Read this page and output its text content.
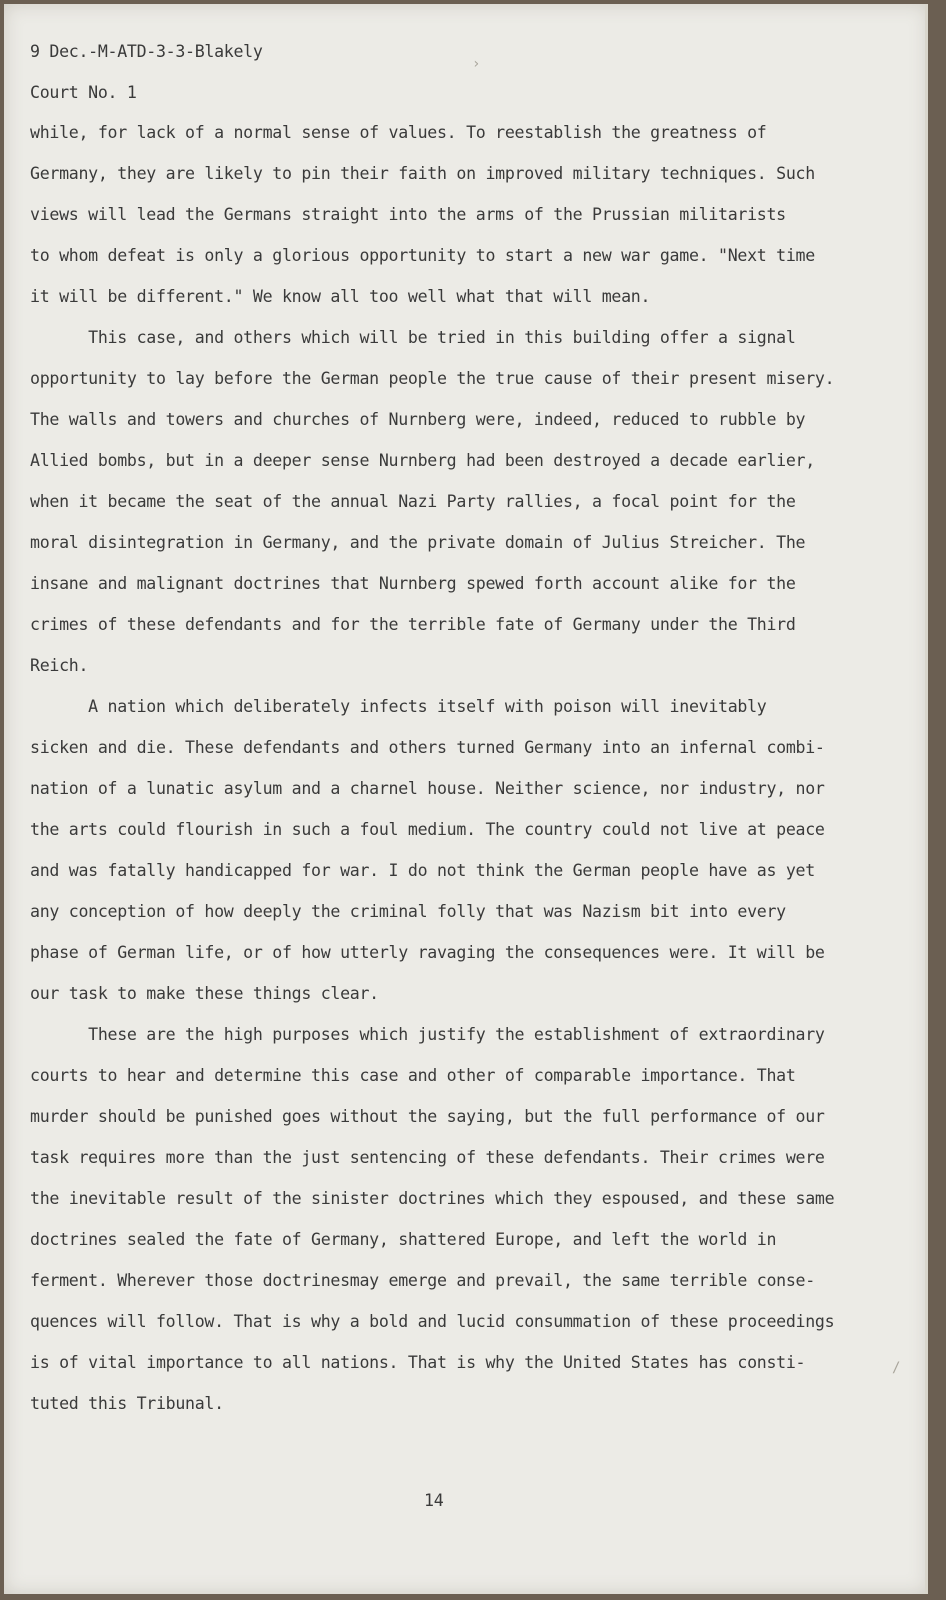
9 Dec.-M-ATD-3-3-Blakely
Court No. 1
while, for lack of a normal sense of values. To reestablish the greatness of
Germany, they are likely to pin their faith on improved military techniques. Such
views will lead the Germans straight into the arms of the Prussian militarists
to whom defeat is only a glorious opportunity to start a new war game. "Next time
it will be different." We know all too well what that will mean.
This case, and others which will be tried in this building offer a signal
opportunity to lay before the German people the true cause of their present misery.
The walls and towers and churches of Nurnberg were, indeed, reduced to rubble by
Allied bombs, but in a deeper sense Nurnberg had been destroyed a decade earlier,
when it became the seat of the annual Nazi Party rallies, a focal point for the
moral disintegration in Germany, and the private domain of Julius Streicher. The
insane and malignant doctrines that Nurnberg spewed forth account alike for the
crimes of these defendants and for the terrible fate of Germany under the Third
Reich.
A nation which deliberately infects itself with poison will inevitably
sicken and die. These defendants and others turned Germany into an infernal combi-
nation of a lunatic asylum and a charnel house. Neither science, nor industry, nor
the arts could flourish in such a foul medium. The country could not live at peace
and was fatally handicapped for war. I do not think the German people have as yet
any conception of how deeply the criminal folly that was Nazism bit into every
phase of German life, or of how utterly ravaging the consequences were. It will be
our task to make these things clear.
These are the high purposes which justify the establishment of extraordinary
courts to hear and determine this case and other of comparable importance. That
murder should be punished goes without the saying, but the full performance of our
task requires more than the just sentencing of these defendants. Their crimes were
the inevitable result of the sinister doctrines which they espoused, and these same
doctrines sealed the fate of Germany, shattered Europe, and left the world in
ferment. Wherever those doctrinesmay emerge and prevail, the same terrible conse-
quences will follow. That is why a bold and lucid consummation of these proceedings
is of vital importance to all nations. That is why the United States has consti-
tuted this Tribunal.
›
/
14
